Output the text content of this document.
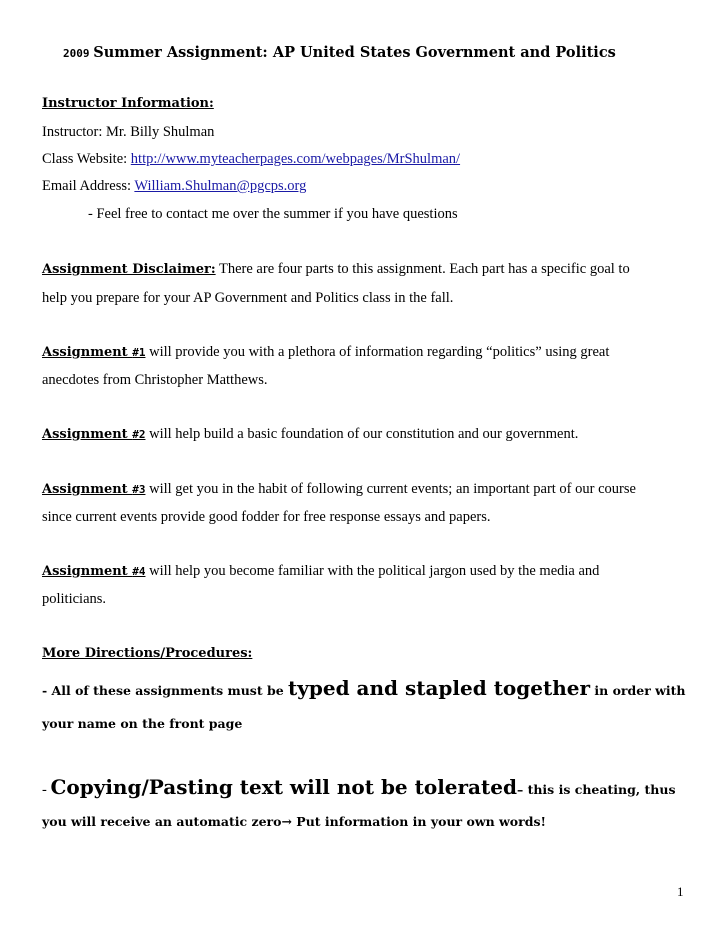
2009 Summer Assignment: AP United States Government and Politics
Instructor Information:
Instructor: Mr. Billy Shulman
Class Website: http://www.myteacherpages.com/webpages/MrShulman/
Email Address: William.Shulman@pgcps.org
- Feel free to contact me over the summer if you have questions
Assignment Disclaimer: There are four parts to this assignment. Each part has a specific goal to
help you prepare for your AP Government and Politics class in the fall.
Assignment #1 will provide you with a plethora of information regarding “politics” using great
anecdotes from Christopher Matthews.
Assignment #2 will help build a basic foundation of our constitution and our government.
Assignment #3 will get you in the habit of following current events; an important part of our course
since current events provide good fodder for free response essays and papers.
Assignment #4 will help you become familiar with the political jargon used by the media and
politicians.
More Directions/Procedures:
- All of these assignments must be typed and stapled together in order with
your name on the front page
- Copying/Pasting text will not be tolerated– this is cheating, thus
you will receive an automatic zero→ Put information in your own words!
1
